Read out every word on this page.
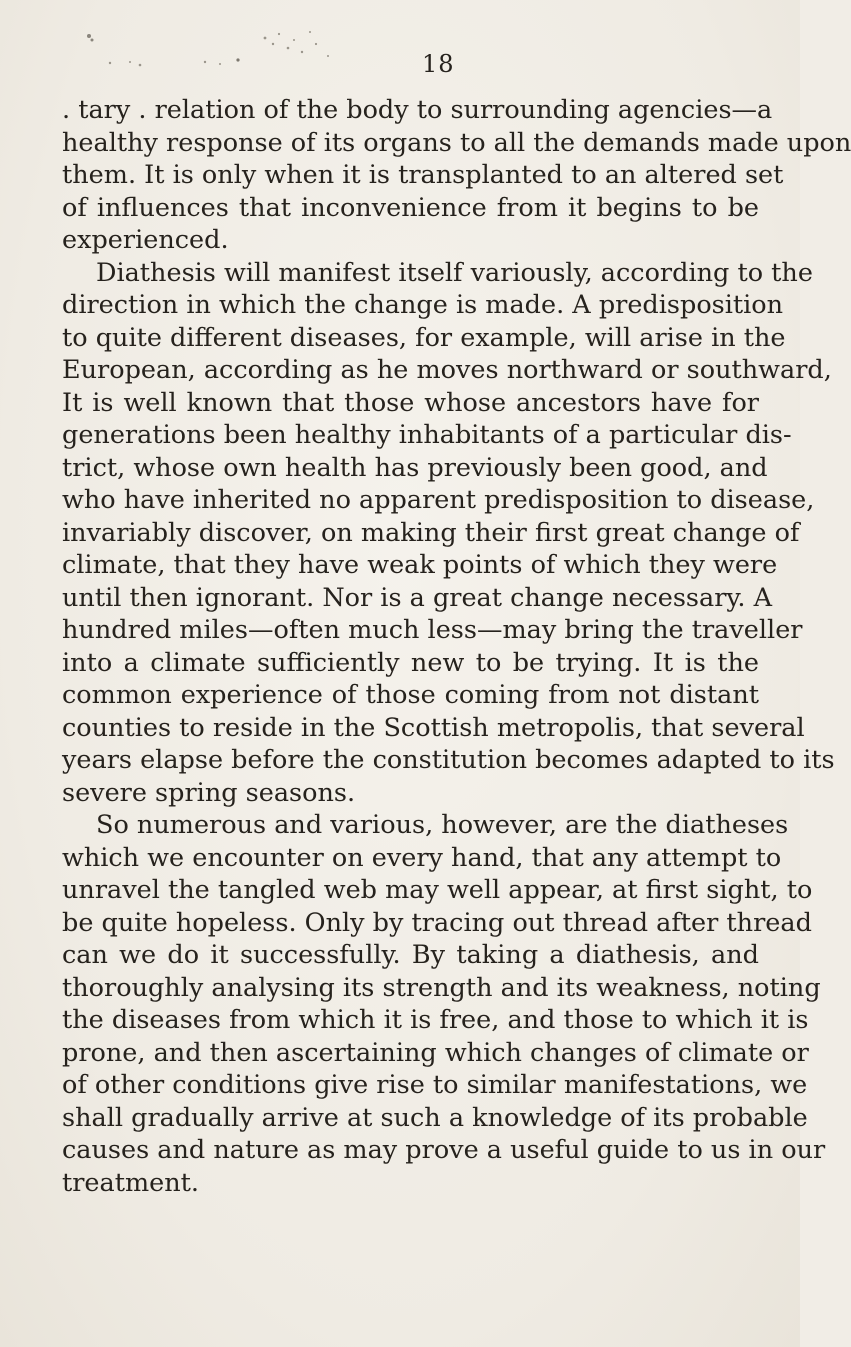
18
. tary . relation of the body to surrounding agencies—a
healthy response of its organs to all the demands made upon
them. It is only when it is transplanted to an altered set
of influences that inconvenience from it begins to be
experienced.
Diathesis will manifest itself variously, according to the
direction in which the change is made. A predisposition
to quite different diseases, for example, will arise in the
European, according as he moves northward or southward,
It is well known that those whose ancestors have for
generations been healthy inhabitants of a particular dis-
trict, whose own health has previously been good, and
who have inherited no apparent predisposition to disease,
invariably discover, on making their first great change of
climate, that they have weak points of which they were
until then ignorant. Nor is a great change necessary. A
hundred miles—often much less—may bring the traveller
into a climate sufficiently new to be trying. It is the
common experience of those coming from not distant
counties to reside in the Scottish metropolis, that several
years elapse before the constitution becomes adapted to its
severe spring seasons.
So numerous and various, however, are the diatheses
which we encounter on every hand, that any attempt to
unravel the tangled web may well appear, at first sight, to
be quite hopeless. Only by tracing out thread after thread
can we do it successfully. By taking a diathesis, and
thoroughly analysing its strength and its weakness, noting
the diseases from which it is free, and those to which it is
prone, and then ascertaining which changes of climate or
of other conditions give rise to similar manifestations, we
shall gradually arrive at such a knowledge of its probable
causes and nature as may prove a useful guide to us in our
treatment.
